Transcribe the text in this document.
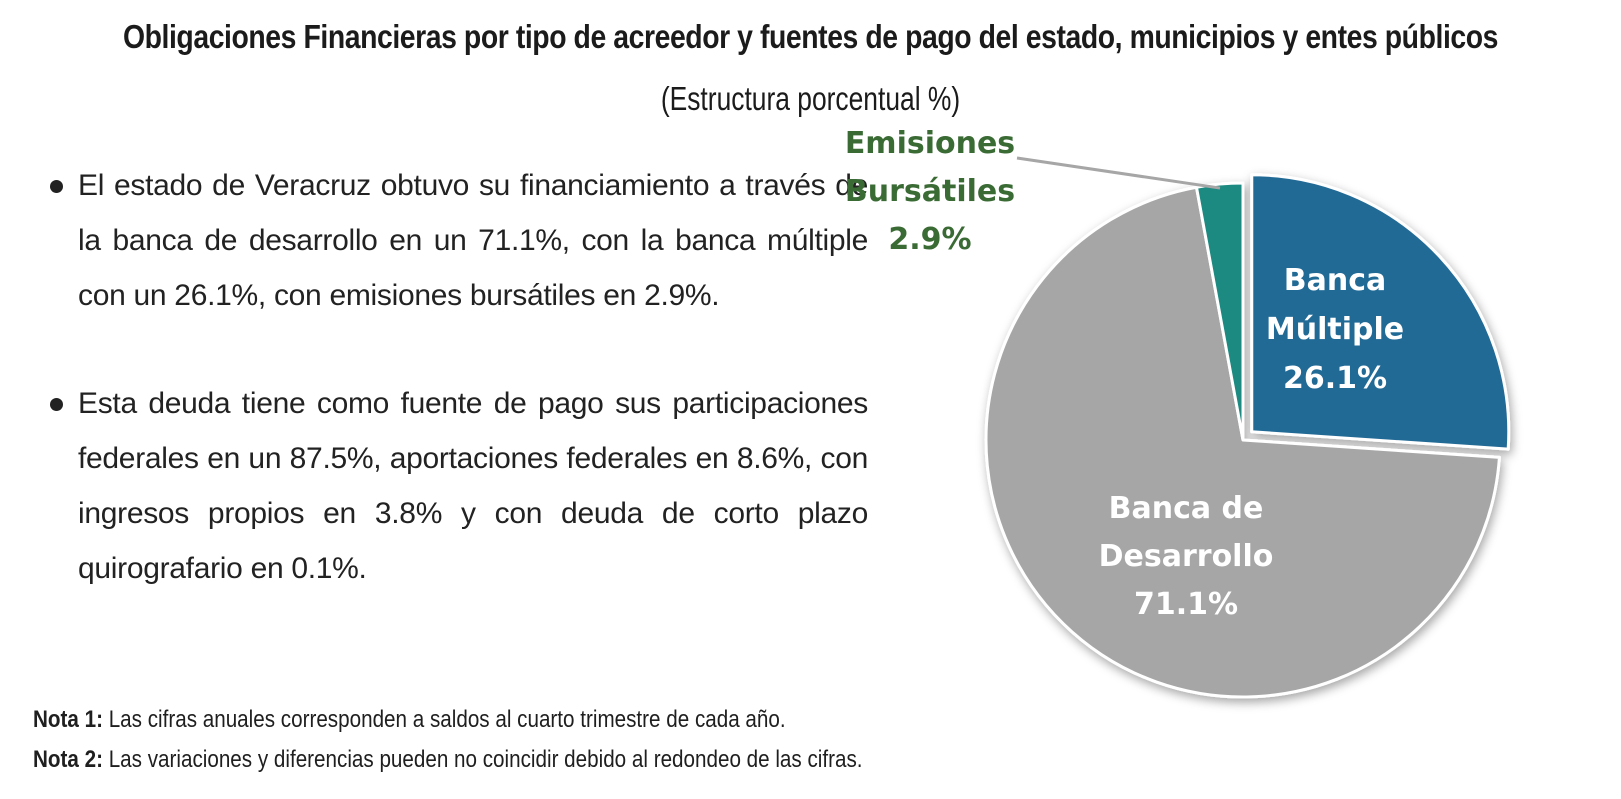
Obligaciones Financieras por tipo de acreedor y fuentes de pago del estado, municipios y entes públicos
(Estructura porcentual %)
El estado de Veracruz obtuvo su financiamiento a través de la banca de desarrollo en un 71.1%, con la banca múltiple con un 26.1%, con emisiones bursátiles en 2.9%.
Esta deuda tiene como fuente de pago sus participaciones federales en un 87.5%, aportaciones federales en 8.6%, con ingresos propios en 3.8% y con deuda de corto plazo quirografario en 0.1%.
Nota 1: Las cifras anuales corresponden a saldos al cuarto trimestre de cada año.
Nota 2: Las variaciones y diferencias pueden no coincidir debido al redondeo de las cifras.
Banca Múltiple 26.1%
Banca de Desarrollo 71.1%
Emisiones Bursátiles 2.9%
